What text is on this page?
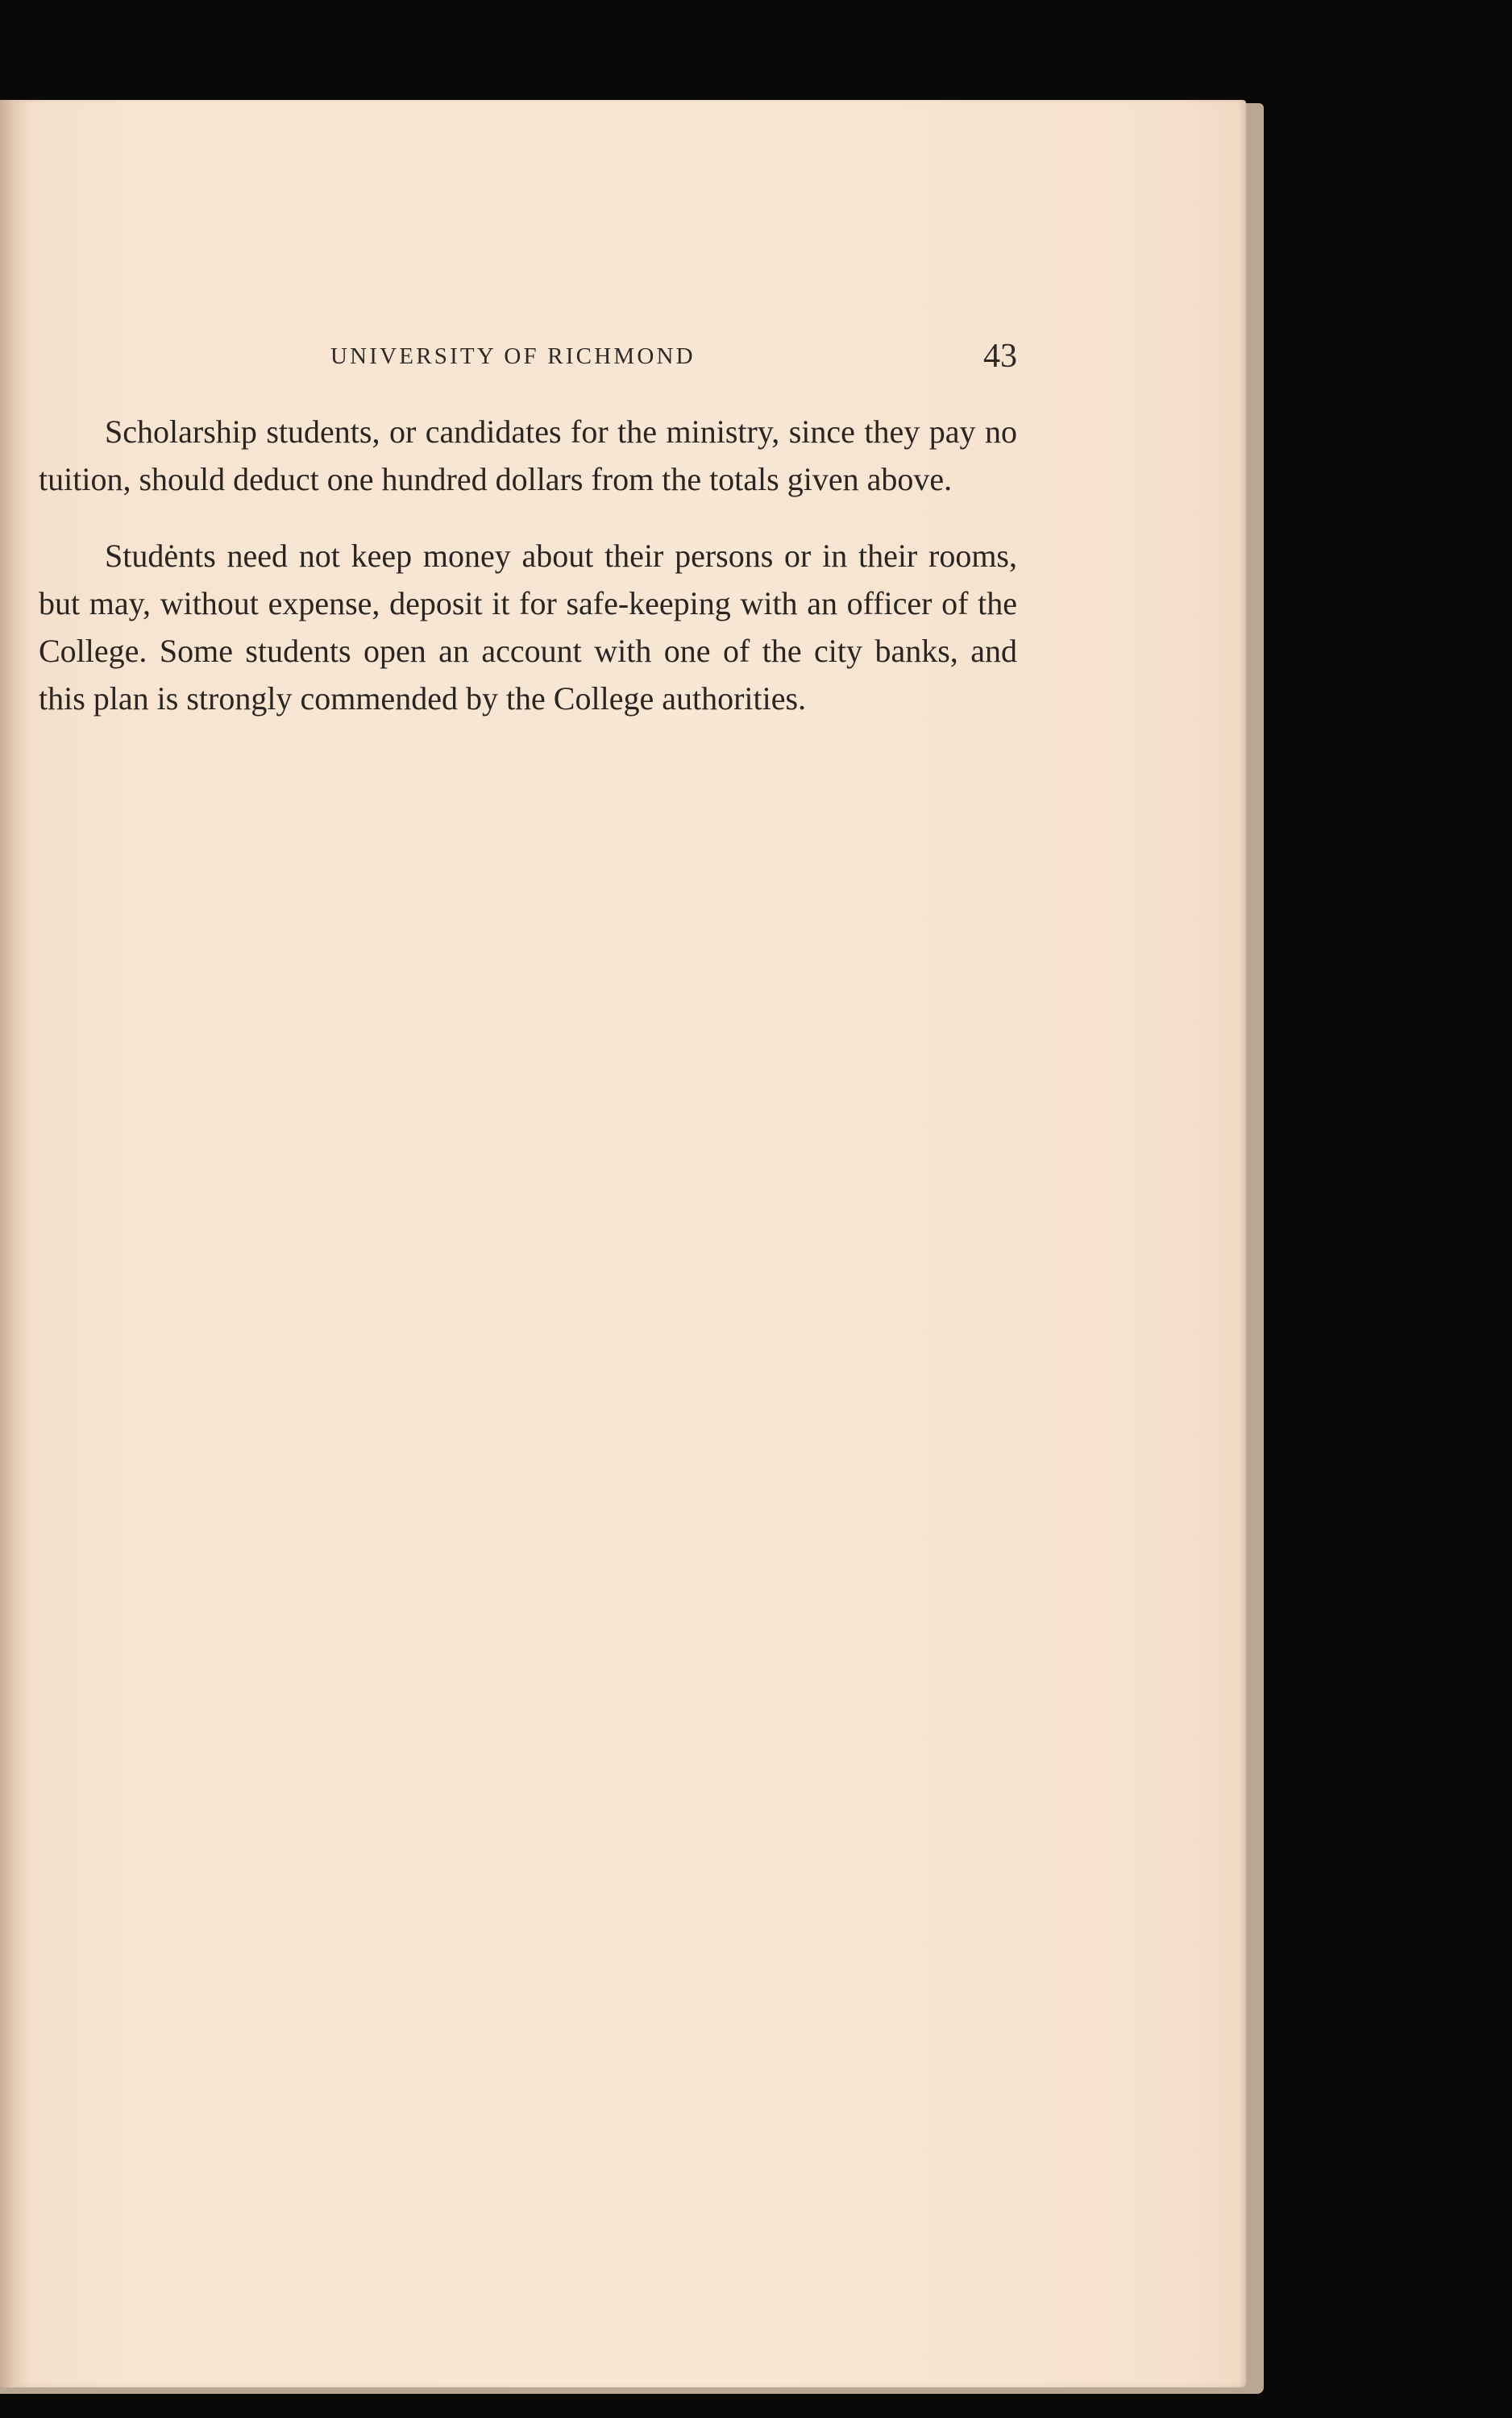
UNIVERSITY OF RICHMOND	43

Scholarship students, or candidates for the ministry, since they pay no tuition, should deduct one hundred dollars from the totals given above.

Studėnts need not keep money about their persons or in their rooms, but may, without expense, deposit it for safe-keeping with an officer of the College. Some students open an account with one of the city banks, and this plan is strongly commended by the College authorities.
